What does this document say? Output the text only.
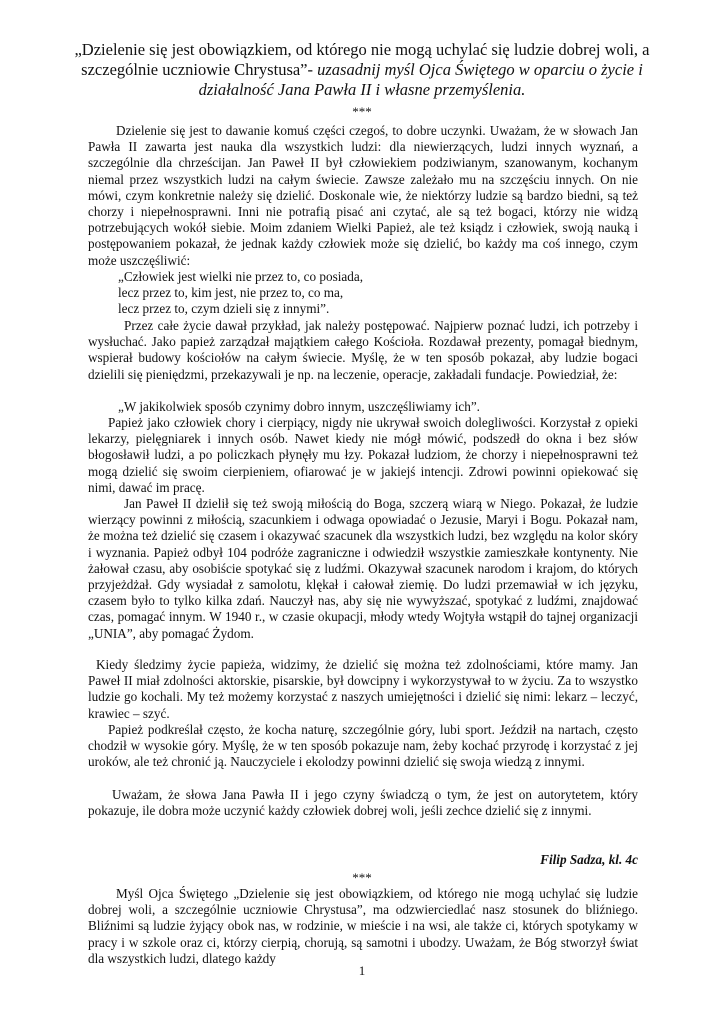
„Dzielenie się jest obowiązkiem, od którego nie mogą uchylać się ludzie dobrej woli, a szczególnie uczniowie Chrystusa”- uzasadnij myśl Ojca Świętego w oparciu o życie i działalność Jana Pawła II i własne przemyślenia.
***

Dzielenie się jest to dawanie komuś części czegoś, to dobre uczynki. Uważam, że w słowach Jan Pawła II zawarta jest nauka dla wszystkich ludzi: dla niewierzących, ludzi innych wyznań, a szczególnie dla chrześcijan. Jan Paweł II był człowiekiem podziwianym, szanowanym, kochanym niemal przez wszystkich ludzi na całym świecie. Zawsze zależało mu na szczęściu innych. On nie mówi, czym konkretnie należy się dzielić. Doskonale wie, że niektórzy ludzie są bardzo biedni, są też chorzy i niepełnosprawni. Inni nie potrafią pisać ani czytać, ale są też bogaci, którzy nie widzą potrzebujących wokół siebie. Moim zdaniem Wielki Papież, ale też ksiądz i człowiek, swoją nauką i postępowaniem pokazał, że jednak każdy człowiek może się dzielić, bo każdy ma coś innego, czym może uszczęśliwić:

„Człowiek jest wielki nie przez to, co posiada,
lecz przez to, kim jest, nie przez to, co ma,
lecz przez to, czym dzieli się z innymi”.

Przez całe życie dawał przykład, jak należy postępować. Najpierw poznać ludzi, ich potrzeby i wysłuchać. Jako papież zarządzał majątkiem całego Kościoła. Rozdawał prezenty, pomagał biednym, wspierał budowy kościołów na całym świecie. Myślę, że w ten sposób pokazał, aby ludzie bogaci dzielili się pieniędzmi, przekazywali je np. na leczenie, operacje, zakładali fundacje. Powiedział, że:

„W jakikolwiek sposób czynimy dobro innym, uszczęśliwiamy ich”.

Papież jako człowiek chory i cierpiący, nigdy nie ukrywał swoich dolegliwości. Korzystał z opieki lekarzy, pielęgniarek i innych osób. Nawet kiedy nie mógł mówić, podszedł do okna i bez słów błogosławił ludzi, a po policzkach płynęły mu łzy. Pokazał ludziom, że chorzy i niepełnosprawni też mogą dzielić się swoim cierpieniem, ofiarować je w jakiejś intencji. Zdrowi powinni opiekować się nimi, dawać im pracę.

Jan Paweł II dzielił się też swoją miłością do Boga, szczerą wiarą w Niego. Pokazał, że ludzie wierzący powinni z miłością, szacunkiem i odwaga opowiadać o Jezusie, Maryi i Bogu. Pokazał nam, że można też dzielić się czasem i okazywać szacunek dla wszystkich ludzi, bez względu na kolor skóry i wyznania. Papież odbył 104 podróże zagraniczne i odwiedził wszystkie zamieszkałe kontynenty. Nie żałował czasu, aby osobiście spotykać się z ludźmi. Okazywał szacunek narodom i krajom, do których przyjeżdżał. Gdy wysiadał z samolotu, klękał i całował ziemię. Do ludzi przemawiał w ich języku, czasem było to tylko kilka zdań. Nauczył nas, aby się nie wywyższać, spotykać z ludźmi, znajdować czas, pomagać innym. W 1940 r., w czasie okupacji, młody wtedy Wojtyła wstąpił do tajnej organizacji „UNIA”, aby pomagać Żydom.

Kiedy śledzimy życie papieża, widzimy, że dzielić się można też zdolnościami, które mamy. Jan Paweł II miał zdolności aktorskie, pisarskie, był dowcipny i wykorzystywał to w życiu. Za to wszystko ludzie go kochali. My też możemy korzystać z naszych umiejętności i dzielić się nimi: lekarz – leczyć, krawiec – szyć.

Papież podkreślał często, że kocha naturę, szczególnie góry, lubi sport. Jeździł na nartach, często chodził w wysokie góry. Myślę, że w ten sposób pokazuje nam, żeby kochać przyrodę i korzystać z jej uroków, ale też chronić ją. Nauczyciele i ekolodzy powinni dzielić się swoja wiedzą z innymi.

Uważam, że słowa Jana Pawła II i jego czyny świadczą o tym, że jest on autorytetem, który pokazuje, ile dobra może uczynić każdy człowiek dobrej woli, jeśli zechce dzielić się z innymi.

Filip Sadza, kl. 4c
***

Myśl Ojca Świętego „Dzielenie się jest obowiązkiem, od którego nie mogą uchylać się ludzie dobrej woli, a szczególnie uczniowie Chrystusa”, ma odzwierciedlać nasz stosunek do bliźniego. Bliźnimi są ludzie żyjący obok nas, w rodzinie, w mieście i na wsi, ale także ci, których spotykamy w pracy i w szkole oraz ci, którzy cierpią, chorują, są samotni i ubodzy. Uważam, że Bóg stworzył świat dla wszystkich ludzi, dlatego każdy

1
